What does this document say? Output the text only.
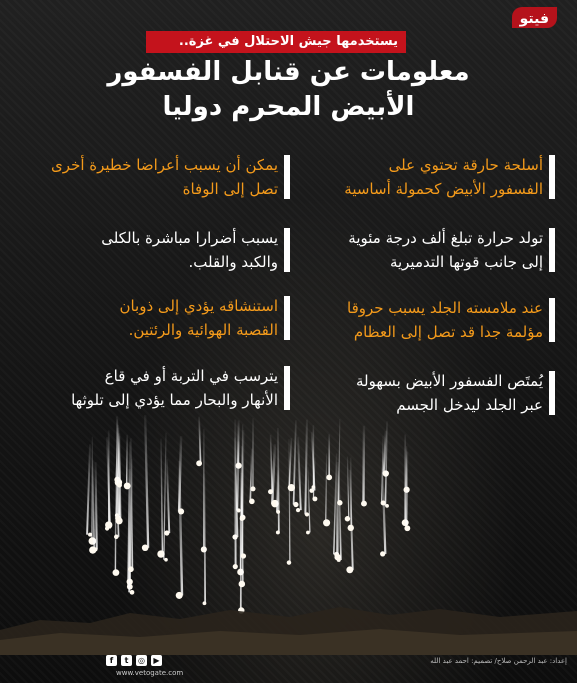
فيتو
يستخدمها جيش الاحتلال في غزة..
معلومات عن قنابل الفسفور
الأبيض المحرم دوليا
أسلحة حارقة تحتوي على
الفسفور الأبيض كحمولة أساسية
تولد حرارة تبلغ ألف درجة مئوية
إلى جانب قوتها التدميرية
عند ملامسته الجلد يسبب حروقا
مؤلمة جدا قد تصل إلى العظام
يُمتَص الفسفور الأبيض بسهولة
عبر الجلد ليدخل الجسم
يمكن أن يسبب أعراضا خطيرة أخرى
تصل إلى الوفاة
يسبب أضرارا مباشرة بالكلى
والكبد والقلب.
استنشاقه يؤدي إلى ذوبان
القصبة الهوائية والرئتين.
يترسب في التربة أو في قاع
الأنهار والبحار مما يؤدي إلى تلوثها
f	t	◎	▶
www.vetogate.com
إعداد: عبد الرحمن صلاح/ تصميم: احمد عبد الله
